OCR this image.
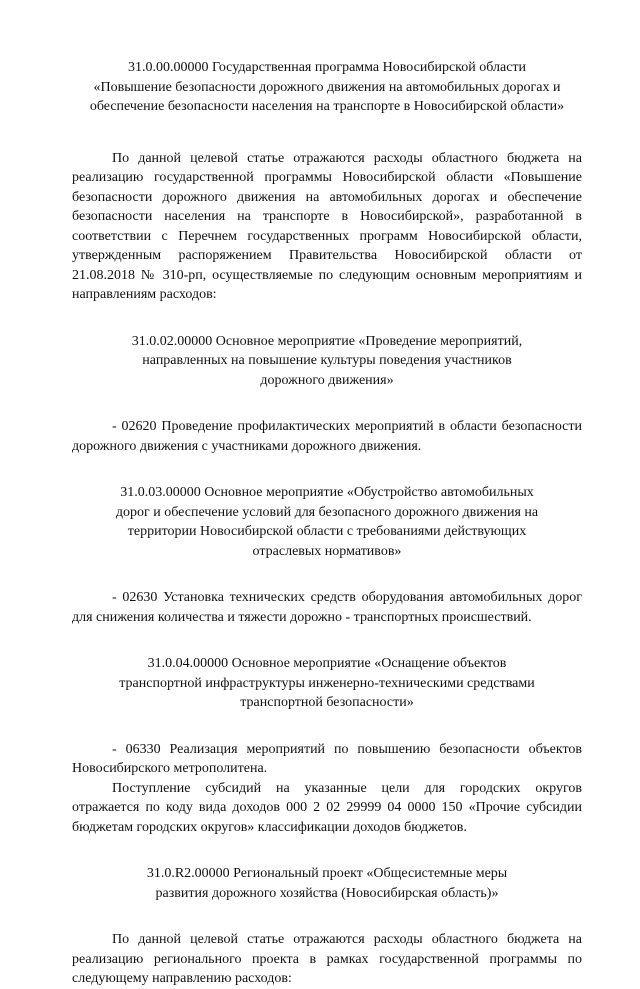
31.0.00.00000 Государственная программа Новосибирской области
«Повышение безопасности дорожного движения на автомобильных дорогах и
обеспечение безопасности населения на транспорте в Новосибирской области»
По данной целевой статье отражаются расходы областного бюджета на
реализацию государственной программы Новосибирской области «Повышение
безопасности дорожного движения на автомобильных дорогах и обеспечение
безопасности населения на транспорте в Новосибирской», разработанной в
соответствии с Перечнем государственных программ Новосибирской области,
утвержденным распоряжением Правительства Новосибирской области от
21.08.2018 № 310-рп, осуществляемые по следующим основным мероприятиям и
направлениям расходов:
31.0.02.00000 Основное мероприятие «Проведение мероприятий,
направленных на повышение культуры поведения участников
дорожного движения»
- 02620 Проведение профилактических мероприятий в области безопасности
дорожного движения с участниками дорожного движения.
31.0.03.00000 Основное мероприятие «Обустройство автомобильных
дорог и обеспечение условий для безопасного дорожного движения на
территории Новосибирской области с требованиями действующих
отраслевых нормативов»
- 02630 Установка технических средств оборудования автомобильных дорог
для снижения количества и тяжести дорожно - транспортных происшествий.
31.0.04.00000 Основное мероприятие «Оснащение объектов
транспортной инфраструктуры инженерно-техническими средствами
транспортной безопасности»
- 06330 Реализация мероприятий по повышению безопасности объектов
Новосибирского метрополитена.
Поступление субсидий на указанные цели для городских округов
отражается по коду вида доходов 000 2 02 29999 04 0000 150 «Прочие субсидии
бюджетам городских округов» классификации доходов бюджетов.
31.0.R2.00000 Региональный проект «Общесистемные меры
развития дорожного хозяйства (Новосибирская область)»
По данной целевой статье отражаются расходы областного бюджета на
реализацию регионального проекта в рамках государственной программы по
следующему направлению расходов:
